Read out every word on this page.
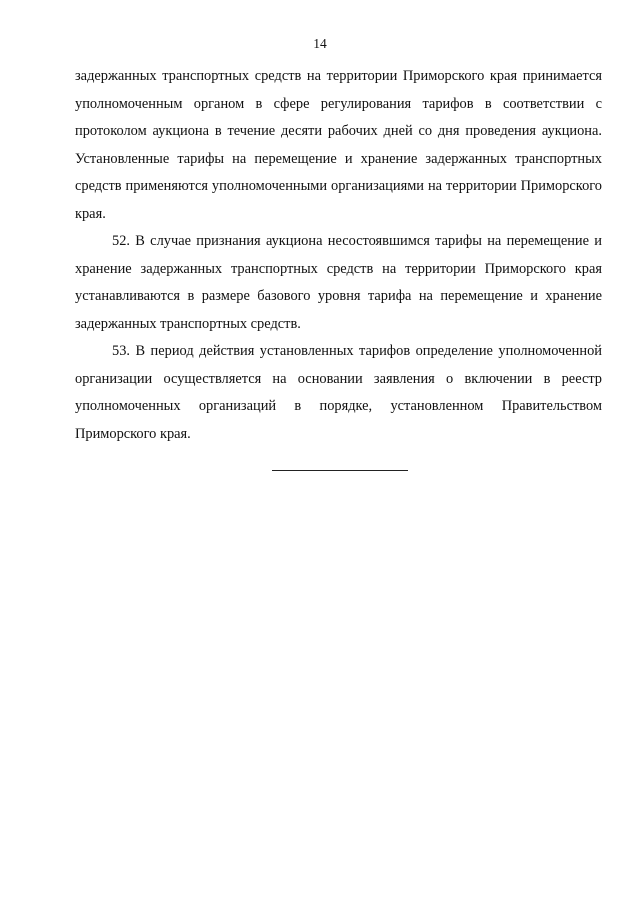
14

задержанных транспортных средств на территории Приморского края принимается уполномоченным органом в сфере регулирования тарифов в соответствии с протоколом аукциона в течение десяти рабочих дней со дня проведения аукциона. Установленные тарифы на перемещение и хранение задержанных транспортных средств применяются уполномоченными организациями на территории Приморского края.

52. В случае признания аукциона несостоявшимся тарифы на перемещение и хранение задержанных транспортных средств на территории Приморского края устанавливаются в размере базового уровня тарифа на перемещение и хранение задержанных транспортных средств.

53. В период действия установленных тарифов определение уполномоченной организации осуществляется на основании заявления о включении в реестр уполномоченных организаций в порядке, установленном Правительством Приморского края.
